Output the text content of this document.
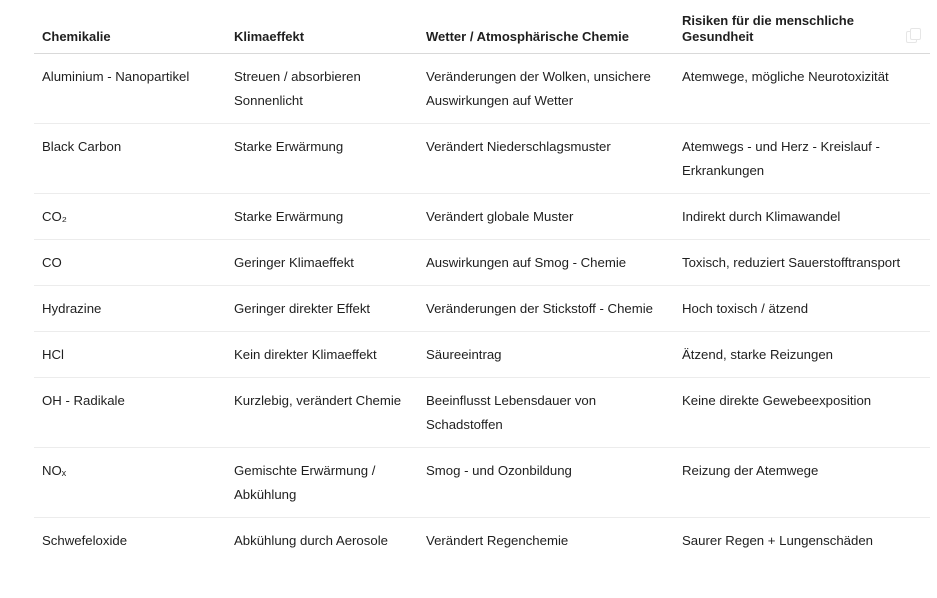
Chemikalie	Klimaeffekt	Wetter / Atmosphärische Chemie	Risiken für die menschliche Gesundheit
Aluminium - Nanopartikel	Streuen / absorbieren Sonnenlicht	Veränderungen der Wolken, unsichere Auswirkungen auf Wetter	Atemwege, mögliche Neurotoxizität
Black Carbon	Starke Erwärmung	Verändert Niederschlagsmuster	Atemwegs - und Herz - Kreislauf - Erkrankungen
CO₂	Starke Erwärmung	Verändert globale Muster	Indirekt durch Klimawandel
CO	Geringer Klimaeffekt	Auswirkungen auf Smog - Chemie	Toxisch, reduziert Sauerstofftransport
Hydrazine	Geringer direkter Effekt	Veränderungen der Stickstoff - Chemie	Hoch toxisch / ätzend
HCl	Kein direkter Klimaeffekt	Säureeintrag	Ätzend, starke Reizungen
OH - Radikale	Kurzlebig, verändert Chemie	Beeinflusst Lebensdauer von Schadstoffen	Keine direkte Gewebeexposition
NOₓ	Gemischte Erwärmung / Abkühlung	Smog - und Ozonbildung	Reizung der Atemwege
Schwefeloxide	Abkühlung durch Aerosole	Verändert Regenchemie	Saurer Regen + Lungenschäden
